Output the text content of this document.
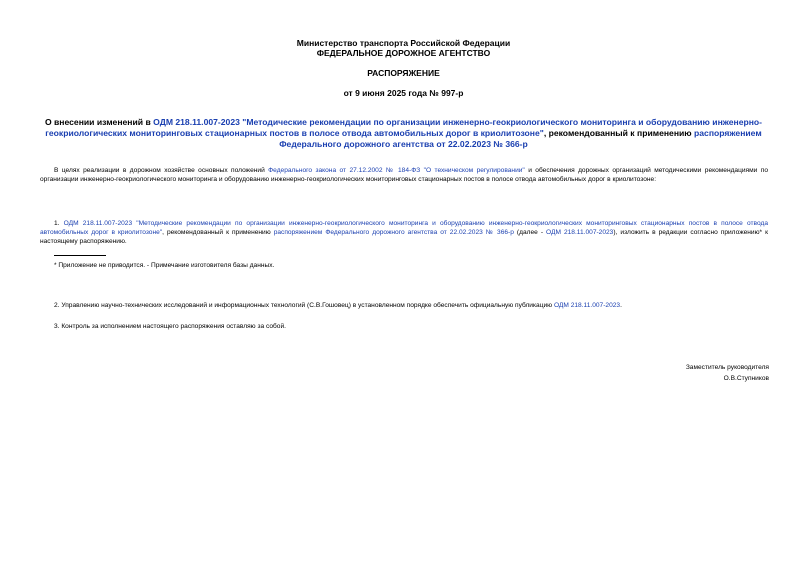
Министерство транспорта Российской Федерации
ФЕДЕРАЛЬНОЕ ДОРОЖНОЕ АГЕНТСТВО
РАСПОРЯЖЕНИЕ
от 9 июня 2025 года № 997-р
О внесении изменений в ОДМ 218.11.007-2023 "Методические рекомендации по организации инженерно-геокриологического мониторинга и оборудованию инженерно-геокриологических мониторинговых стационарных постов в полосе отвода автомобильных дорог в криолитозоне", рекомендованный к применению распоряжением Федерального дорожного агентства от 22.02.2023 № 366-р
В целях реализации в дорожном хозяйстве основных положений Федерального закона от 27.12.2002 № 184-ФЗ "О техническом регулировании" и обеспечения дорожных организаций методическими рекомендациями по организации инженерно-геокриологического мониторинга и оборудованию инженерно-геокриологических мониторинговых стационарных постов в полосе отвода автомобильных дорог в криолитозоне:
1. ОДМ 218.11.007-2023 "Методические рекомендации по организации инженерно-геокриологического мониторинга и оборудованию инженерно-геокриологических мониторинговых стационарных постов в полосе отвода автомобильных дорог в криолитозоне", рекомендованный к применению распоряжением Федерального дорожного агентства от 22.02.2023 № 366-р (далее - ОДМ 218.11.007-2023), изложить в редакции согласно приложению* к настоящему распоряжению.
* Приложение не приводится. - Примечание изготовителя базы данных.
2. Управлению научно-технических исследований и информационных технологий (С.В.Гошовец) в установленном порядке обеспечить официальную публикацию ОДМ 218.11.007-2023.
3. Контроль за исполнением настоящего распоряжения оставляю за собой.
Заместитель руководителя
О.В.Ступников
